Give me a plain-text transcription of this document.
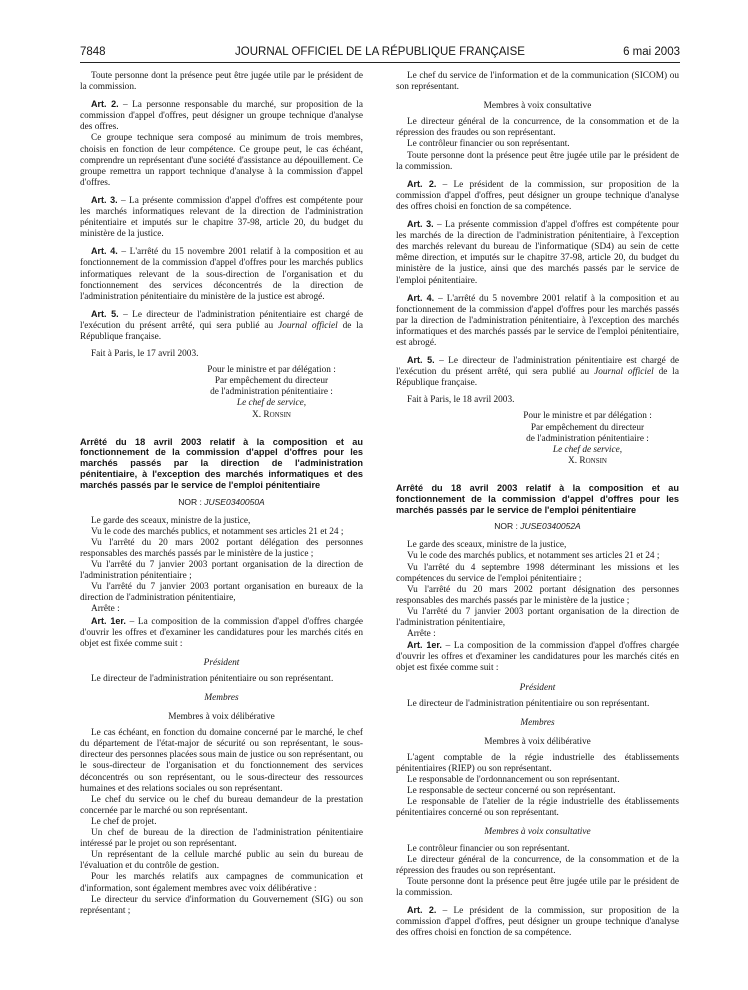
7848	JOURNAL OFFICIEL DE LA RÉPUBLIQUE FRANÇAISE	6 mai 2003

Toute personne dont la présence peut être jugée utile par le président de la commission.

Art. 2. – La personne responsable du marché, sur proposition de la commission d'appel d'offres, peut désigner un groupe technique d'analyse des offres.

Ce groupe technique sera composé au minimum de trois membres, choisis en fonction de leur compétence. Ce groupe peut, le cas échéant, comprendre un représentant d'une société d'assistance au dépouillement. Ce groupe remettra un rapport technique d'analyse à la commission d'appel d'offres.

Art. 3. – La présente commission d'appel d'offres est compétente pour les marchés informatiques relevant de la direction de l'administration pénitentiaire et imputés sur le chapitre 37-98, article 20, du budget du ministère de la justice.

Art. 4. – L'arrêté du 15 novembre 2001 relatif à la composition et au fonctionnement de la commission d'appel d'offres pour les marchés publics informatiques relevant de la sous-direction de l'organisation et du fonctionnement des services déconcentrés de la direction de l'administration pénitentiaire du ministère de la justice est abrogé.

Art. 5. – Le directeur de l'administration pénitentiaire est chargé de l'exécution du présent arrêté, qui sera publié au Journal officiel de la République française.

Fait à Paris, le 17 avril 2003.

Pour le ministre et par délégation :
Par empêchement du directeur
de l'administration pénitentiaire :
Le chef de service,
X. Ronsin
Arrêté du 18 avril 2003 relatif à la composition et au fonctionnement de la commission d'appel d'offres pour les marchés passés par la direction de l'administration pénitentiaire, à l'exception des marchés informatiques et des marchés passés par le service de l'emploi pénitentiaire
NOR : JUSE0340050A

Le garde des sceaux, ministre de la justice,

Vu le code des marchés publics, et notamment ses articles 21 et 24 ;

Vu l'arrêté du 20 mars 2002 portant délégation des personnes responsables des marchés passés par le ministère de la justice ;

Vu l'arrêté du 7 janvier 2003 portant organisation de la direction de l'administration pénitentiaire ;

Vu l'arrêté du 7 janvier 2003 portant organisation en bureaux de la direction de l'administration pénitentiaire,

Arrête :

Art. 1er. – La composition de la commission d'appel d'offres chargée d'ouvrir les offres et d'examiner les candidatures pour les marchés cités en objet est fixée comme suit :

Président

Le directeur de l'administration pénitentiaire ou son représentant.

Membres
Membres à voix délibérative

Le cas échéant, en fonction du domaine concerné par le marché, le chef du département de l'état-major de sécurité ou son représentant, le sous-directeur des personnes placées sous main de justice ou son représentant, ou le sous-directeur de l'organisation et du fonctionnement des services déconcentrés ou son représentant, ou le sous-directeur des ressources humaines et des relations sociales ou son représentant.

Le chef du service ou le chef du bureau demandeur de la prestation concernée par le marché ou son représentant.

Le chef de projet.

Un chef de bureau de la direction de l'administration pénitentiaire intéressé par le projet ou son représentant.

Un représentant de la cellule marché public au sein du bureau de l'évaluation et du contrôle de gestion.

Pour les marchés relatifs aux campagnes de communication et d'information, sont également membres avec voix délibérative :

Le directeur du service d'information du Gouvernement (SIG) ou son représentant ;

Le chef du service de l'information et de la communication (SICOM) ou son représentant.

Membres à voix consultative

Le directeur général de la concurrence, de la consommation et de la répression des fraudes ou son représentant.

Le contrôleur financier ou son représentant.

Toute personne dont la présence peut être jugée utile par le président de la commission.

Art. 2. – Le président de la commission, sur proposition de la commission d'appel d'offres, peut désigner un groupe technique d'analyse des offres choisi en fonction de sa compétence.

Art. 3. – La présente commission d'appel d'offres est compétente pour les marchés de la direction de l'administration pénitentiaire, à l'exception des marchés relevant du bureau de l'informatique (SD4) au sein de cette même direction, et imputés sur le chapitre 37-98, article 20, du budget du ministère de la justice, ainsi que des marchés passés par le service de l'emploi pénitentiaire.

Art. 4. – L'arrêté du 5 novembre 2001 relatif à la composition et au fonctionnement de la commission d'appel d'offres pour les marchés passés par la direction de l'administration pénitentiaire, à l'exception des marchés informatiques et des marchés passés par le service de l'emploi pénitentiaire, est abrogé.

Art. 5. – Le directeur de l'administration pénitentiaire est chargé de l'exécution du présent arrêté, qui sera publié au Journal officiel de la République française.

Fait à Paris, le 18 avril 2003.

Pour le ministre et par délégation :
Par empêchement du directeur
de l'administration pénitentiaire :
Le chef de service,
X. Ronsin
Arrêté du 18 avril 2003 relatif à la composition et au fonctionnement de la commission d'appel d'offres pour les marchés passés par le service de l'emploi pénitentiaire
NOR : JUSE0340052A

Le garde des sceaux, ministre de la justice,

Vu le code des marchés publics, et notamment ses articles 21 et 24 ;

Vu l'arrêté du 4 septembre 1998 déterminant les missions et les compétences du service de l'emploi pénitentiaire ;

Vu l'arrêté du 20 mars 2002 portant désignation des personnes responsables des marchés passés par le ministère de la justice ;

Vu l'arrêté du 7 janvier 2003 portant organisation de la direction de l'administration pénitentiaire,

Arrête :

Art. 1er. – La composition de la commission d'appel d'offres chargée d'ouvrir les offres et d'examiner les candidatures pour les marchés cités en objet est fixée comme suit :

Président

Le directeur de l'administration pénitentiaire ou son représentant.

Membres
Membres à voix délibérative

L'agent comptable de la régie industrielle des établissements pénitentiaires (RIEP) ou son représentant.

Le responsable de l'ordonnancement ou son représentant.

Le responsable de secteur concerné ou son représentant.

Le responsable de l'atelier de la régie industrielle des établissements pénitentiaires concerné ou son représentant.

Membres à voix consultative

Le contrôleur financier ou son représentant.

Le directeur général de la concurrence, de la consommation et de la répression des fraudes ou son représentant.

Toute personne dont la présence peut être jugée utile par le président de la commission.

Art. 2. – Le président de la commission, sur proposition de la commission d'appel d'offres, peut désigner un groupe technique d'analyse des offres choisi en fonction de sa compétence.
